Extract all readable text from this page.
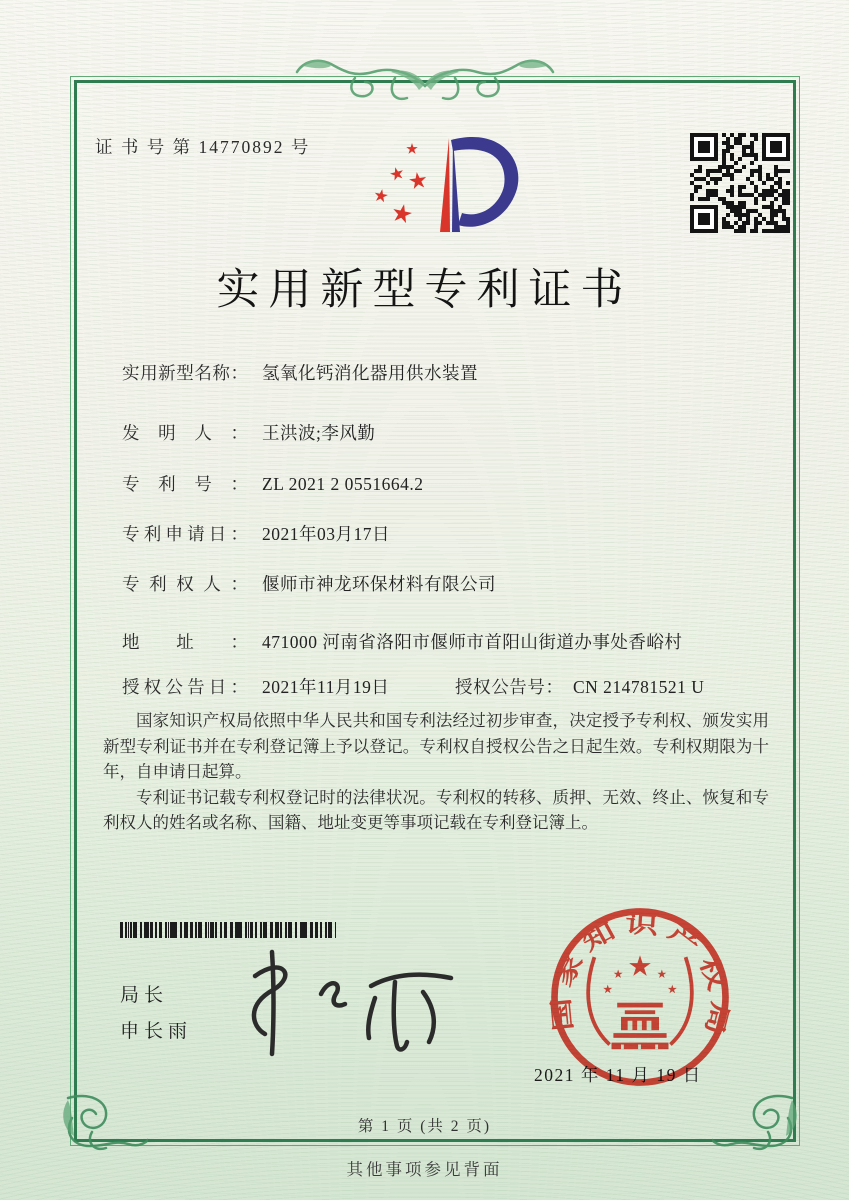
证 书 号 第 14770892 号
实用新型专利证书
实用新型名称： 氢氧化钙消化器用供水装置
发明人： 王洪波;李风勤
专利号： ZL 2021 2 0551664.2
专利申请日： 2021年03月17日
专利权人： 偃师市神龙环保材料有限公司
地址： 471000 河南省洛阳市偃师市首阳山街道办事处香峪村
授权公告日： 2021年11月19日	授权公告号： CN 214781521 U

国家知识产权局依照中华人民共和国专利法经过初步审查，决定授予专利权、颁发实用新型专利证书并在专利登记簿上予以登记。专利权自授权公告之日起生效。专利权期限为十年，自申请日起算。

专利证书记载专利权登记时的法律状况。专利权的转移、质押、无效、终止、恢复和专利权人的姓名或名称、国籍、地址变更等事项记载在专利登记簿上。

局长
申长雨	国家知识产权局
2021 年 11 月 19 日
第 1 页 (共 2 页)
其他事项参见背面
